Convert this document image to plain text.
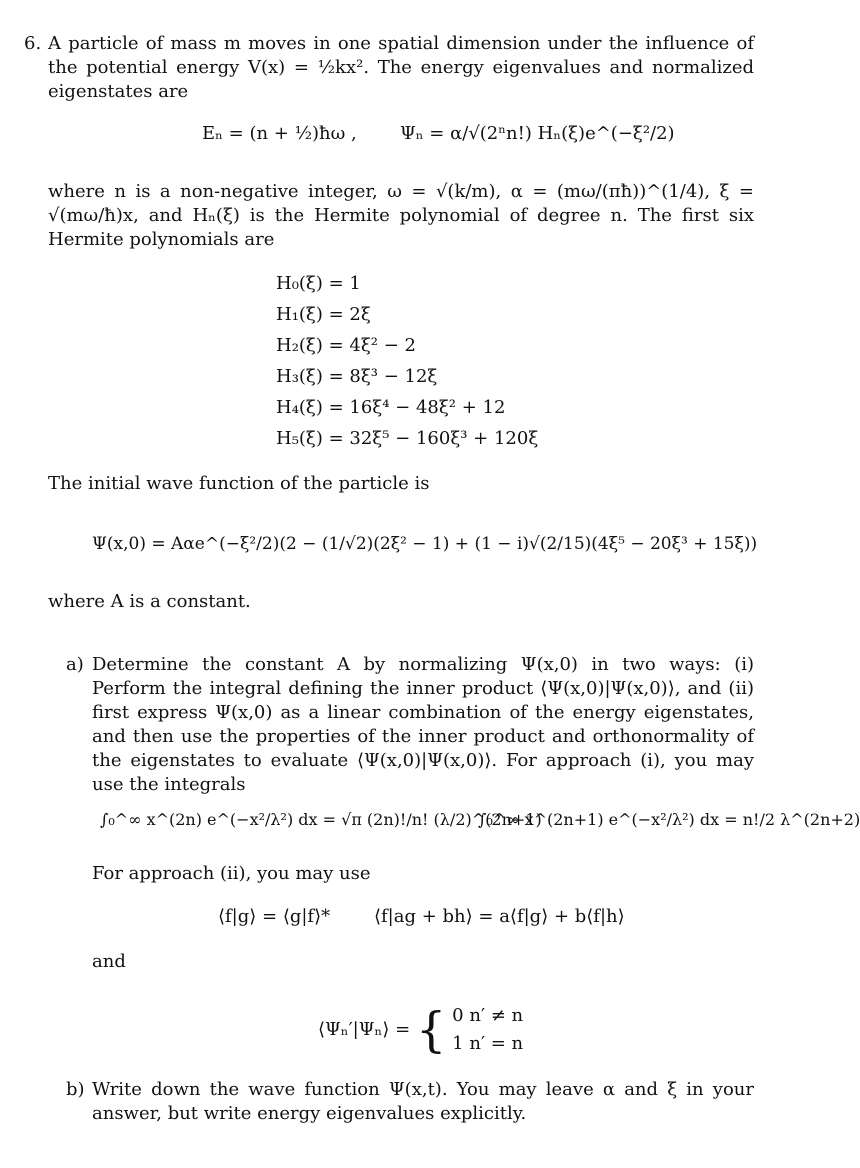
6. A particle of mass m moves in one spatial dimension under the influence of the potential energy V(x) = ½kx². The energy eigenvalues and normalized eigenstates are
Eₙ = (n + ½)ħω , Ψₙ = α/√(2ⁿn!) Hₙ(ξ)e^(−ξ²/2)
where n is a non-negative integer, ω = √(k/m), α = (mω/(πħ))^(1/4), ξ = √(mω/ħ)x, and Hₙ(ξ) is the Hermite polynomial of degree n. The first six Hermite polynomials are
H₀(ξ) = 1
H₁(ξ) = 2ξ
H₂(ξ) = 4ξ² − 2
H₃(ξ) = 8ξ³ − 12ξ
H₄(ξ) = 16ξ⁴ − 48ξ² + 12
H₅(ξ) = 32ξ⁵ − 160ξ³ + 120ξ
The initial wave function of the particle is
Ψ(x,0) = Aαe^(−ξ²/2)(2 − (1/√2)(2ξ² − 1) + (1 − i)√(2/15)(4ξ⁵ − 20ξ³ + 15ξ))
where A is a constant.
a) Determine the constant A by normalizing Ψ(x,0) in two ways: (i) Perform the integral defining the inner product ⟨Ψ(x,0)|Ψ(x,0)⟩, and (ii) first express Ψ(x,0) as a linear combination of the energy eigenstates, and then use the properties of the inner product and orthonormality of the eigenstates to evaluate ⟨Ψ(x,0)|Ψ(x,0)⟩. For approach (i), you may use the integrals
∫₀^∞ x^(2n) e^(−x²/λ²) dx = √π (2n)!/n! (λ/2)^(2n+1)
∫₀^∞ x^(2n+1) e^(−x²/λ²) dx = n!/2 λ^(2n+2)
For approach (ii), you may use
⟨f|g⟩ = ⟨g|f⟩* ⟨f|ag + bh⟩ = a⟨f|g⟩ + b⟨f|h⟩
and
⟨Ψₙ′|Ψₙ⟩ = { 0 n′ ≠ n
1 n′ = n
b) Write down the wave function Ψ(x,t). You may leave α and ξ in your answer, but write energy eigenvalues explicitly.
